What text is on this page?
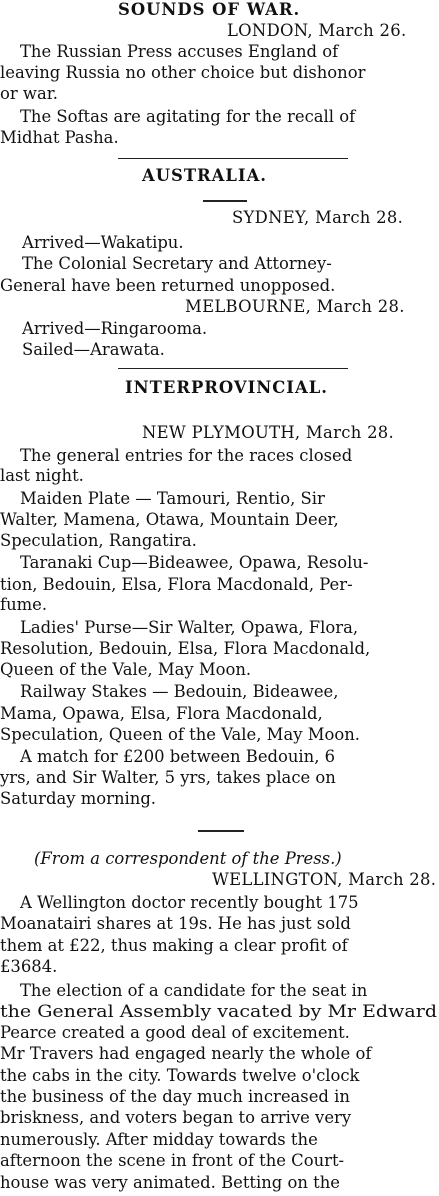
SOUNDS OF WAR.
LONDON, March 26.
The Russian Press accuses England of
leaving Russia no other choice but dishonor
or war.
The Softas are agitating for the recall of
Midhat Pasha.
AUSTRALIA.
SYDNEY, March 28.
Arrived—Wakatipu.
The Colonial Secretary and Attorney-
General have been returned unopposed.
MELBOURNE, March 28.
Arrived—Ringarooma.
Sailed—Arawata.
INTERPROVINCIAL.
NEW PLYMOUTH, March 28.
The general entries for the races closed
last night.
Maiden Plate — Tamouri, Rentio, Sir
Walter, Mamena, Otawa, Mountain Deer,
Speculation, Rangatira.
Taranaki Cup—Bideawee, Opawa, Resolu-
tion, Bedouin, Elsa, Flora Macdonald, Per-
fume.
Ladies' Purse—Sir Walter, Opawa, Flora,
Resolution, Bedouin, Elsa, Flora Macdonald,
Queen of the Vale, May Moon.
Railway Stakes — Bedouin, Bideawee,
Mama, Opawa, Elsa, Flora Macdonald,
Speculation, Queen of the Vale, May Moon.
A match for £200 between Bedouin, 6
yrs, and Sir Walter, 5 yrs, takes place on
Saturday morning.
(From a correspondent of the Press.)
WELLINGTON, March 28.
A Wellington doctor recently bought 175
Moanatairi shares at 19s. He has just sold
them at £22, thus making a clear profit of
£3684.
The election of a candidate for the seat in
the General Assembly vacated by Mr Edward
Pearce created a good deal of excitement.
Mr Travers had engaged nearly the whole of
the cabs in the city. Towards twelve o'clock
the business of the day much increased in
briskness, and voters began to arrive very
numerously. After midday towards the
afternoon the scene in front of the Court-
house was very animated. Betting on the
